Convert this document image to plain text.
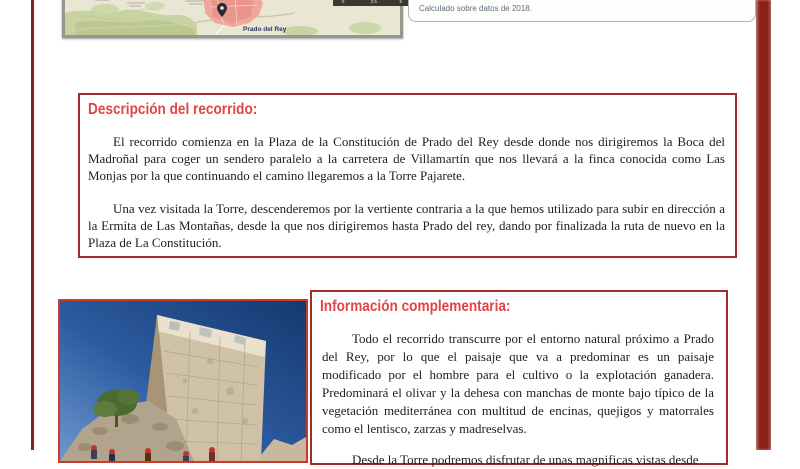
Prado del Rey
0	2.5	5
Calculado sobre datos de 2018.
Descripción del recorrido:

El recorrido comienza en la Plaza de la Constitución de Prado del Rey desde donde nos dirigiremos la Boca del Madroñal para coger un sendero paralelo a la carretera de Villamartín que nos llevará a la finca conocida como Las Monjas por la que continuando el camino llegaremos a la Torre Pajarete.

Una vez visitada la Torre, descenderemos por la vertiente contraria a la que hemos utilizado para subir en dirección a la Ermita de Las Montañas, desde la que nos dirigiremos hasta Prado del rey, dando por finalizada la ruta de nuevo en la Plaza de La Constitución.

Información complementaria:

Todo el recorrido transcurre por el entorno natural próximo a Prado del Rey, por lo que el paisaje que va a predominar es un paisaje modificado por el hombre para el cultivo o la explotación ganadera. Predominará el olivar y la dehesa con manchas de monte bajo típico de la vegetación mediterránea con multitud de encinas, quejigos y matorrales como el lentisco, zarzas y madreselvas.

Desde la Torre podremos disfrutar de unas magnificas vistas desde
